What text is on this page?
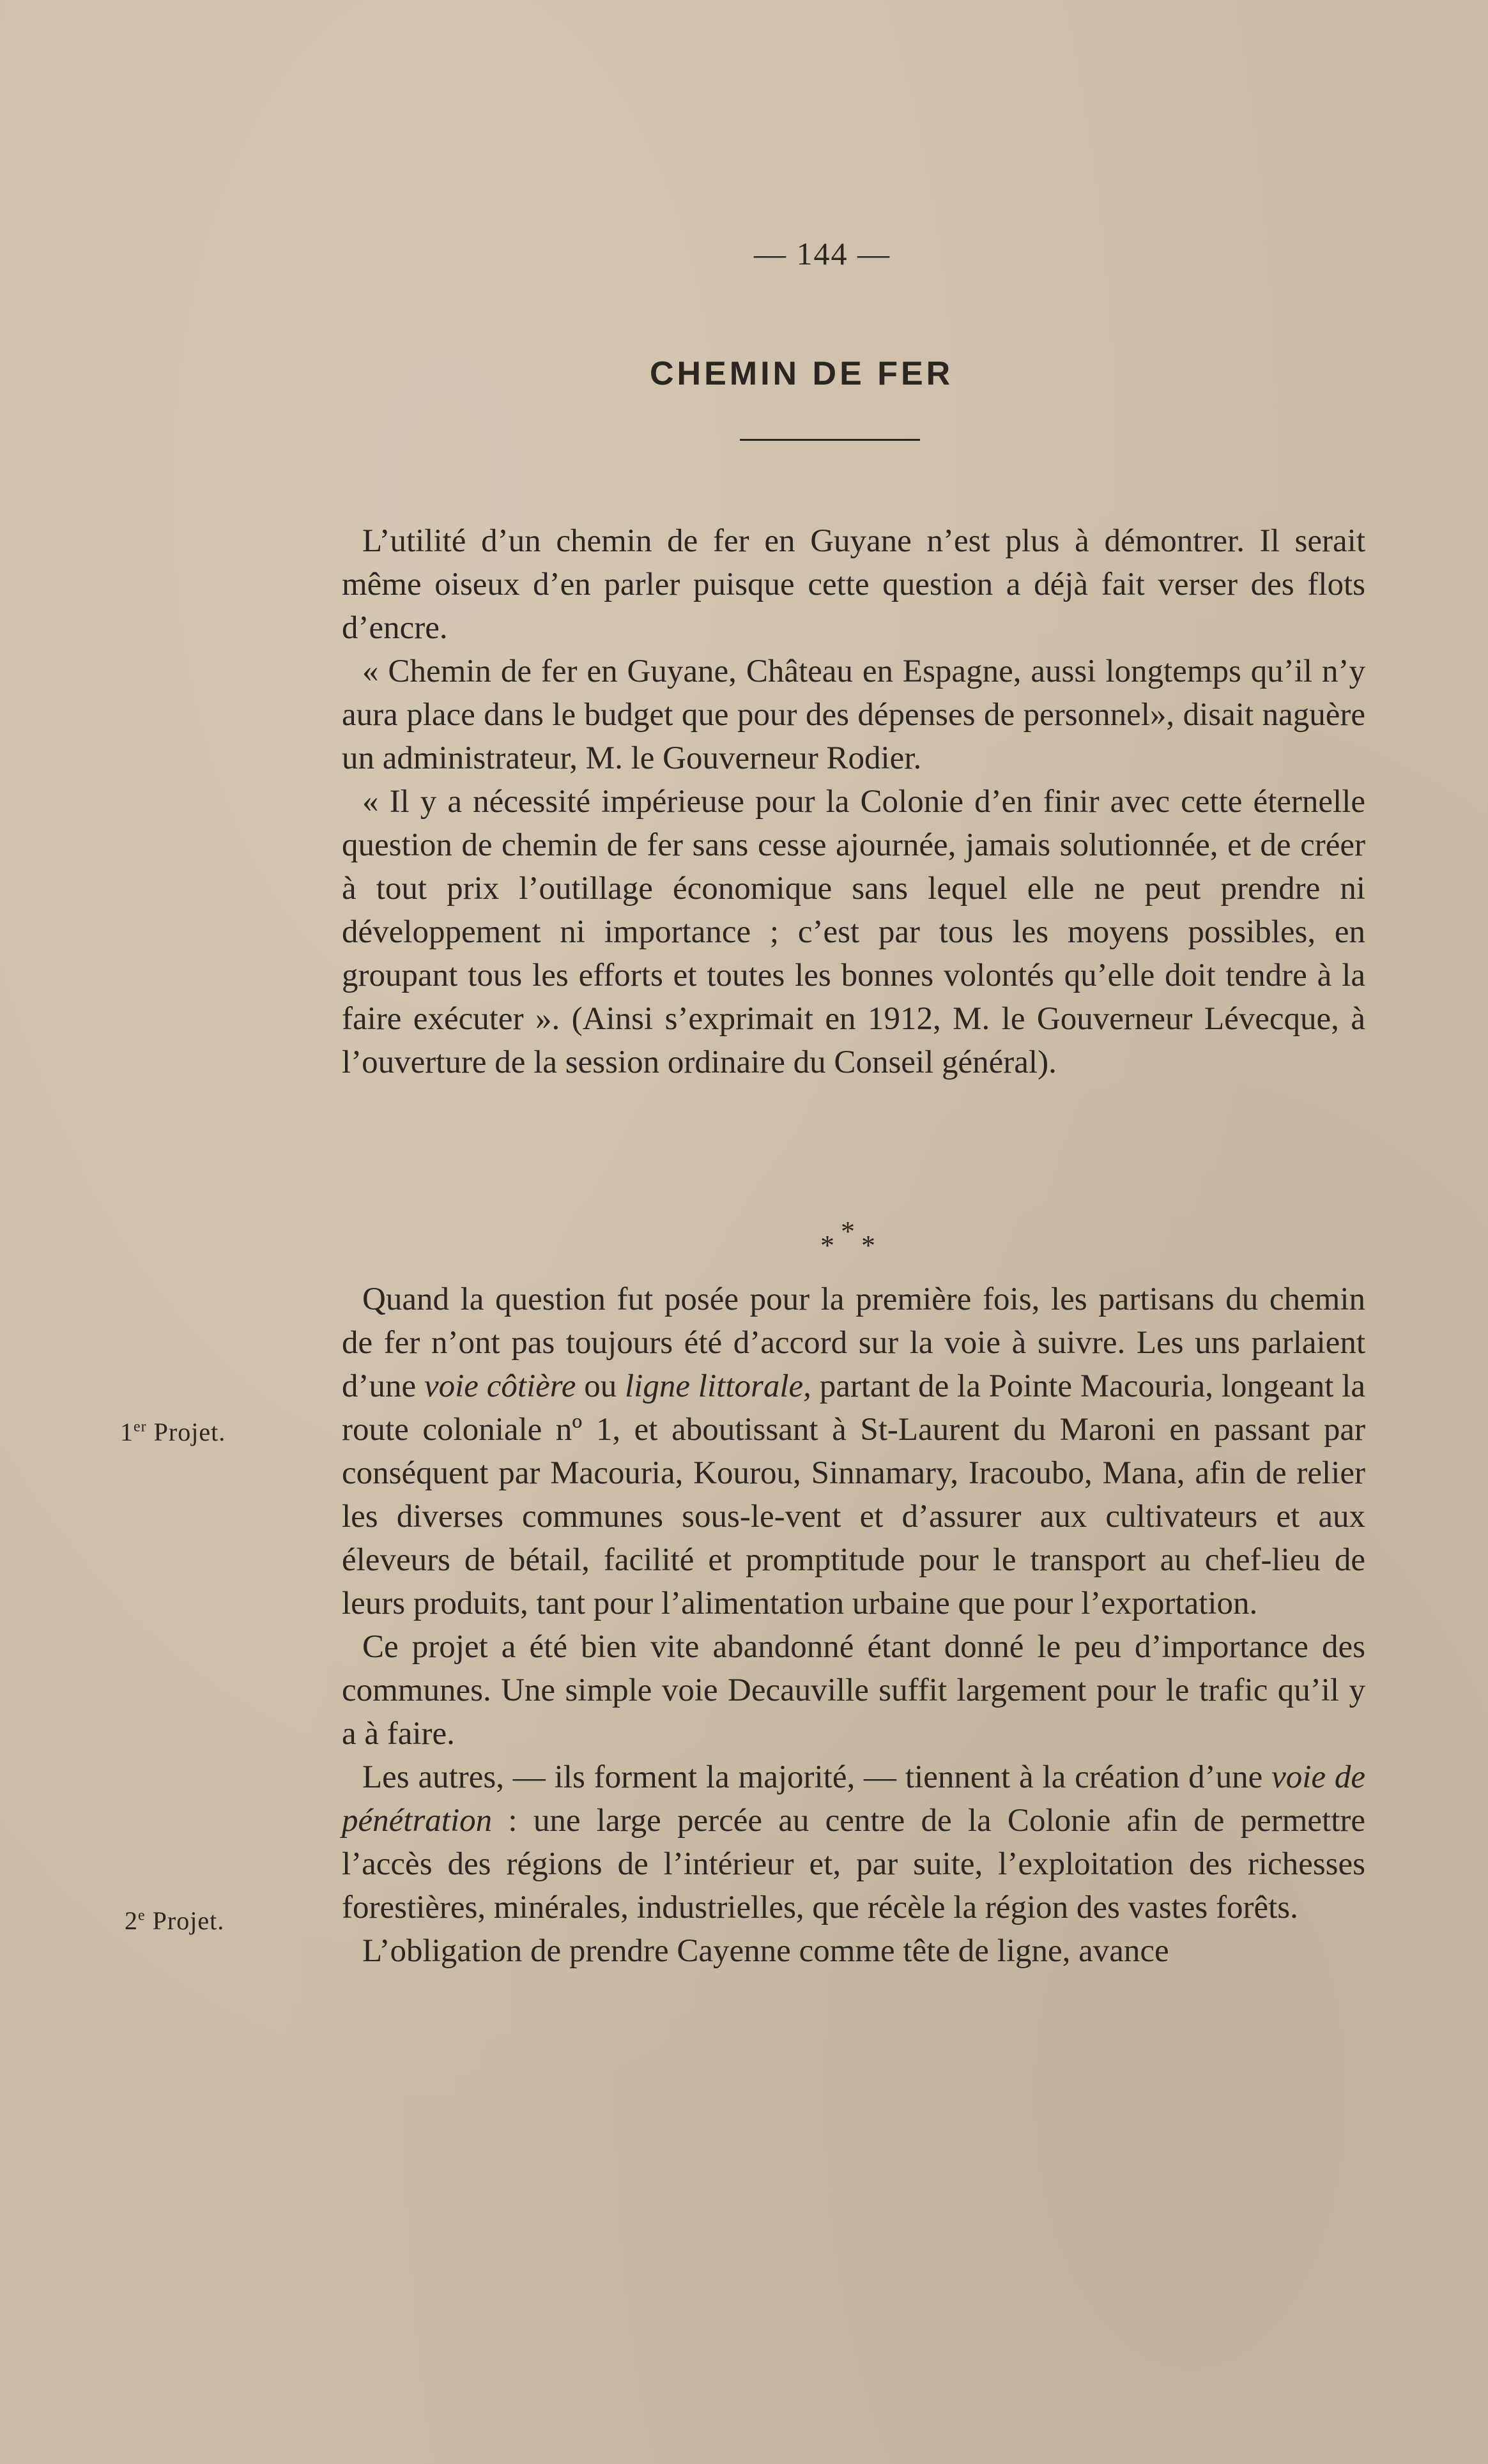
— 144 —
CHEMIN DE FER

L’utilité d’un chemin de fer en Guyane n’est plus à démontrer. Il serait même oiseux d’en parler puisque cette question a déjà fait verser des flots d’encre.

« Chemin de fer en Guyane, Château en Espagne, aussi longtemps qu’il n’y aura place dans le budget que pour des dépenses de personnel», disait naguère un administrateur, M. le Gouverneur Rodier.

« Il y a nécessité impérieuse pour la Colonie d’en finir avec cette éternelle question de chemin de fer sans cesse ajournée, jamais solutionnée, et de créer à tout prix l’outillage économique sans lequel elle ne peut prendre ni développement ni importance ; c’est par tous les moyens possibles, en groupant tous les efforts et toutes les bonnes volontés qu’elle doit tendre à la faire exécuter ». (Ainsi s’exprimait en 1912, M. le Gouverneur Lévecque, à l’ouverture de la session ordinaire du Conseil général).

*
* *

Quand la question fut posée pour la première fois, les partisans du chemin de fer n’ont pas toujours été d’accord sur la voie à suivre. Les uns parlaient d’une voie côtière ou ligne littorale, partant de la Pointe Macouria, longeant la route coloniale nº 1, et aboutissant à St-Laurent du Maroni en passant par conséquent par Macouria, Kourou, Sinnamary, Iracoubo, Mana, afin de relier les diverses communes sous-le-vent et d’assurer aux cultivateurs et aux éleveurs de bétail, facilité et promptitude pour le transport au chef-lieu de leurs produits, tant pour l’alimentation urbaine que pour l’exportation.

Ce projet a été bien vite abandonné étant donné le peu d’importance des communes. Une simple voie Decauville suffit largement pour le trafic qu’il y a à faire.

Les autres, — ils forment la majorité, — tiennent à la création d’une voie de pénétration : une large percée au centre de la Colonie afin de permettre l’accès des régions de l’intérieur et, par suite, l’exploitation des richesses forestières, minérales, industrielles, que récèle la région des vastes forêts.

L’obligation de prendre Cayenne comme tête de ligne, avance

1er Projet.
2e Projet.
